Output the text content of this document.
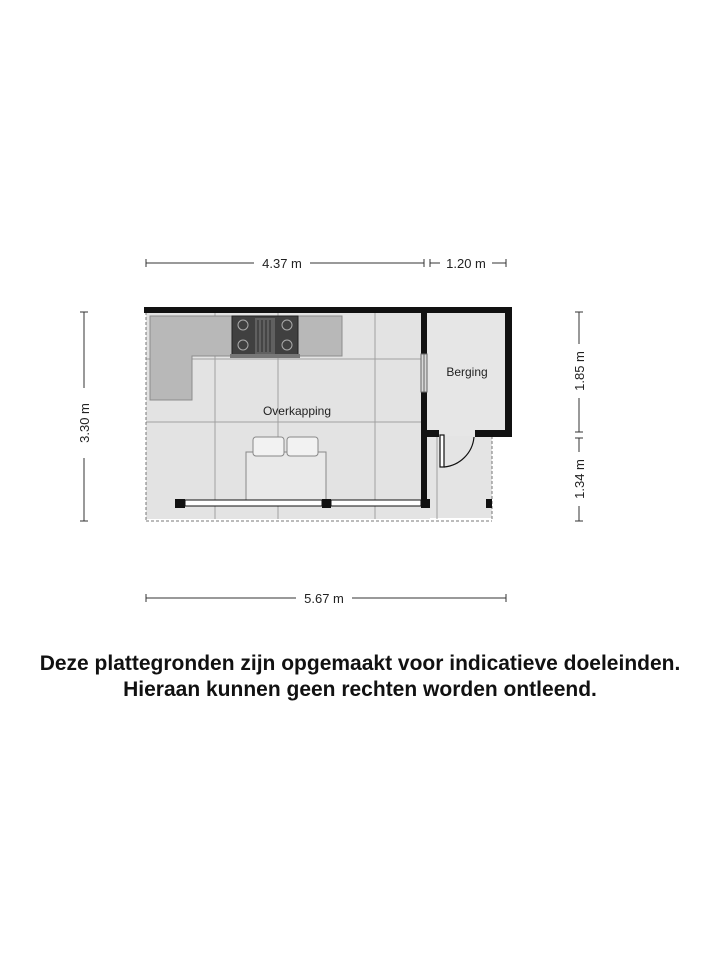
Overkapping
Berging
4.37 m	1.20 m
3.30 m
1.85 m
1.34 m
5.67 m
Deze plattegronden zijn opgemaakt voor indicatieve doeleinden.
Hieraan kunnen geen rechten worden ontleend.
